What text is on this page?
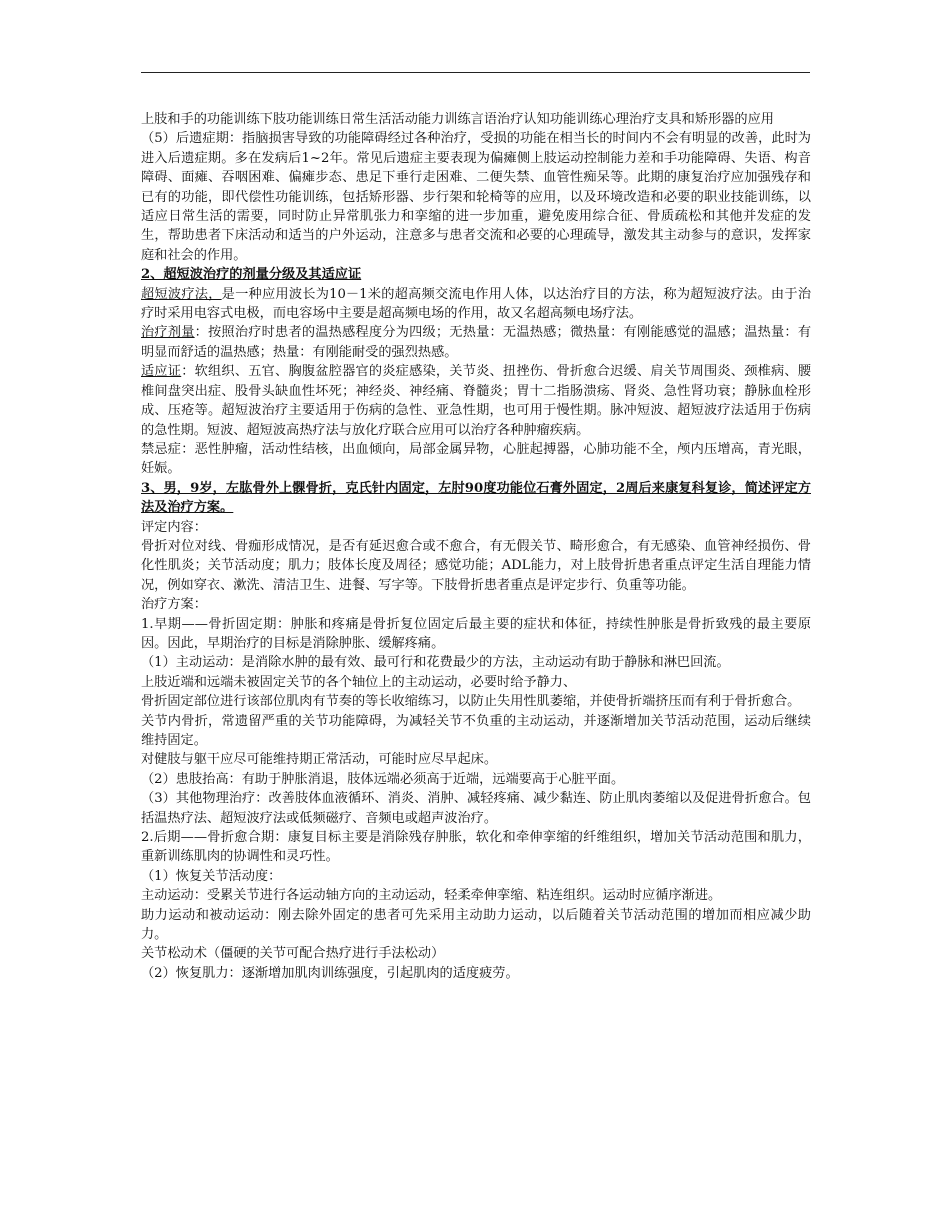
上肢和手的功能训练下肢功能训练日常生活活动能力训练言语治疗认知功能训练心理治疗支具和矫形器的应用

（5）后遗症期：指脑损害导致的功能障碍经过各种治疗，受损的功能在相当长的时间内不会有明显的改善，此时为进入后遗症期。多在发病后1~2年。常见后遗症主要表现为偏瘫侧上肢运动控制能力差和手功能障碍、失语、构音障碍、面瘫、吞咽困难、偏瘫步态、患足下垂行走困难、二便失禁、血管性痴呆等。此期的康复治疗应加强残存和已有的功能，即代偿性功能训练，包括矫形器、步行架和轮椅等的应用，以及环境改造和必要的职业技能训练，以适应日常生活的需要，同时防止异常肌张力和挛缩的进一步加重，避免废用综合征、骨质疏松和其他并发症的发生，帮助患者下床活动和适当的户外运动，注意多与患者交流和必要的心理疏导，激发其主动参与的意识，发挥家庭和社会的作用。

2、超短波治疗的剂量分级及其适应证

超短波疗法，是一种应用波长为10－1米的超高频交流电作用人体，以达治疗目的方法，称为超短波疗法。由于治疗时采用电容式电极，而电容场中主要是超高频电场的作用，故又名超高频电场疗法。

治疗剂量：按照治疗时患者的温热感程度分为四级；无热量：无温热感；微热量：有刚能感觉的温感；温热量：有明显而舒适的温热感；热量：有刚能耐受的强烈热感。

适应证：软组织、五官、胸腹盆腔器官的炎症感染，关节炎、扭挫伤、骨折愈合迟缓、肩关节周围炎、颈椎病、腰椎间盘突出症、股骨头缺血性坏死；神经炎、神经痛、脊髓炎；胃十二指肠溃疡、肾炎、急性肾功衰；静脉血栓形成、压疮等。超短波治疗主要适用于伤病的急性、亚急性期，也可用于慢性期。脉冲短波、超短波疗法适用于伤病的急性期。短波、超短波高热疗法与放化疗联合应用可以治疗各种肿瘤疾病。

禁忌症：恶性肿瘤，活动性结核，出血倾向，局部金属异物，心脏起搏器，心肺功能不全，颅内压增高，青光眼，妊娠。

3、男，9岁，左肱骨外上髁骨折，克氏针内固定，左肘90度功能位石膏外固定，2周后来康复科复诊，简述评定方法及治疗方案。

评定内容：

骨折对位对线、骨痂形成情况，是否有延迟愈合或不愈合，有无假关节、畸形愈合，有无感染、血管神经损伤、骨化性肌炎；关节活动度；肌力；肢体长度及周径；感觉功能；ADL能力，对上肢骨折患者重点评定生活自理能力情况，例如穿衣、漱洗、清洁卫生、进餐、写字等。下肢骨折患者重点是评定步行、负重等功能。

治疗方案：

1.早期——骨折固定期：肿胀和疼痛是骨折复位固定后最主要的症状和体征，持续性肿胀是骨折致残的最主要原因。因此，早期治疗的目标是消除肿胀、缓解疼痛。

（1）主动运动：是消除水肿的最有效、最可行和花费最少的方法，主动运动有助于静脉和淋巴回流。

上肢近端和远端未被固定关节的各个轴位上的主动运动，必要时给予静力、

骨折固定部位进行该部位肌肉有节奏的等长收缩练习，以防止失用性肌萎缩，并使骨折端挤压而有利于骨折愈合。

关节内骨折，常遗留严重的关节功能障碍，为减轻关节不负重的主动运动，并逐渐增加关节活动范围，运动后继续维持固定。

对健肢与躯干应尽可能维持期正常活动，可能时应尽早起床。

（2）患肢抬高：有助于肿胀消退，肢体远端必须高于近端，远端要高于心脏平面。

（3）其他物理治疗：改善肢体血液循环、消炎、消肿、减轻疼痛、减少黏连、防止肌肉萎缩以及促进骨折愈合。包括温热疗法、超短波疗法或低频磁疗、音频电或超声波治疗。

2.后期——骨折愈合期：康复目标主要是消除残存肿胀，软化和牵伸挛缩的纤维组织，增加关节活动范围和肌力，重新训练肌肉的协调性和灵巧性。

（1）恢复关节活动度：

主动运动：受累关节进行各运动轴方向的主动运动，轻柔牵伸挛缩、粘连组织。运动时应循序渐进。

助力运动和被动运动：刚去除外固定的患者可先采用主动助力运动，以后随着关节活动范围的增加而相应减少助力。

关节松动术（僵硬的关节可配合热疗进行手法松动）

（2）恢复肌力：逐渐增加肌肉训练强度，引起肌肉的适度疲劳。
